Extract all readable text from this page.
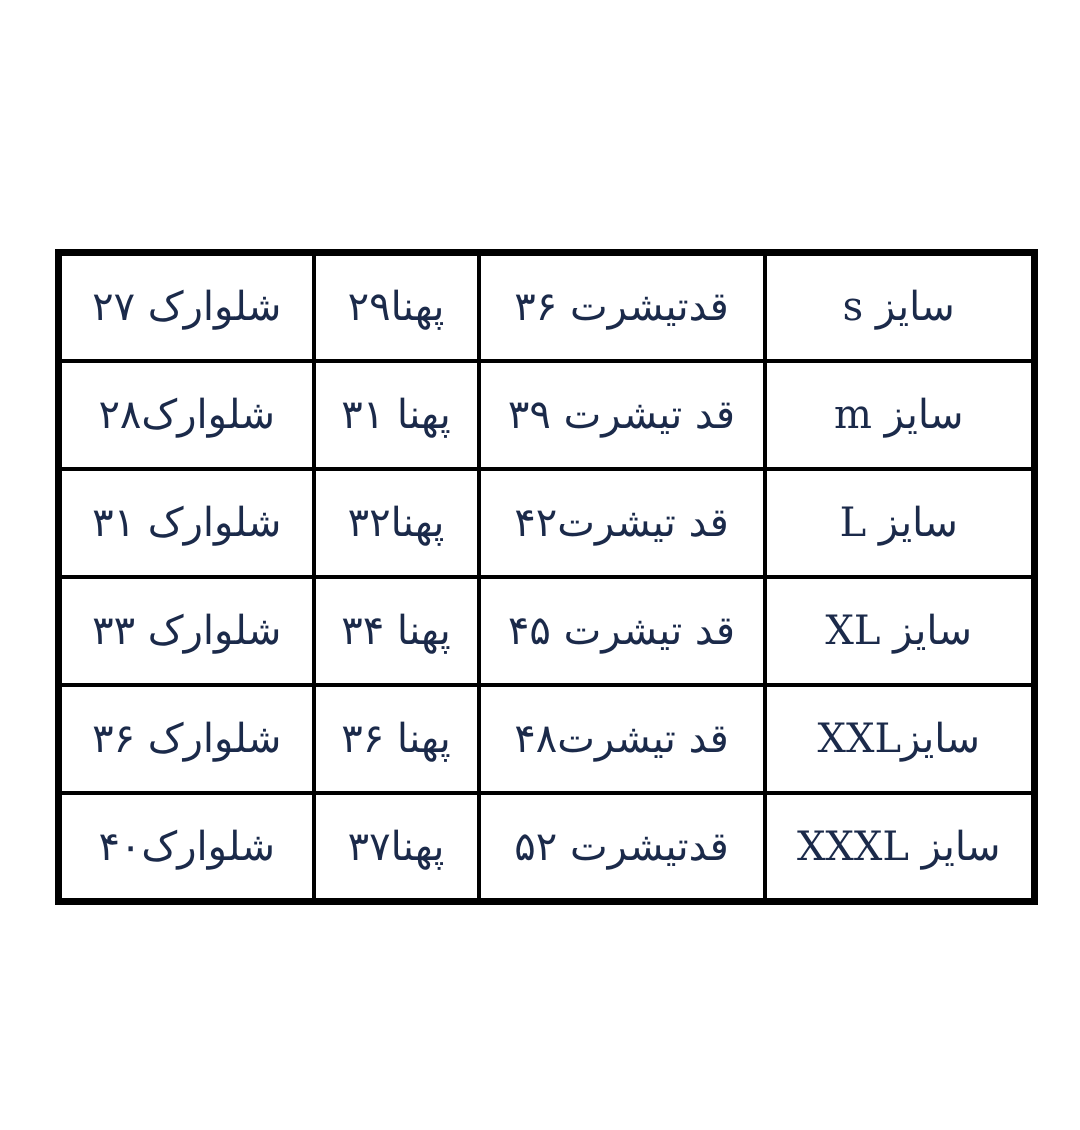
شلوارک ۲۷	پهنا۲۹	قدتیشرت ۳۶	سایز s
شلوارک۲۸	پهنا ۳۱	قد تیشرت ۳۹	سایز m
شلوارک ۳۱	پهنا۳۲	قد تیشرت۴۲	سایز L
شلوارک ۳۳	پهنا ۳۴	قد تیشرت ۴۵	سایز XL
شلوارک ۳۶	پهنا ۳۶	قد تیشرت۴۸	سایزXXL
شلوارک۴۰	پهنا۳۷	قدتیشرت ۵۲	سایز XXXL
